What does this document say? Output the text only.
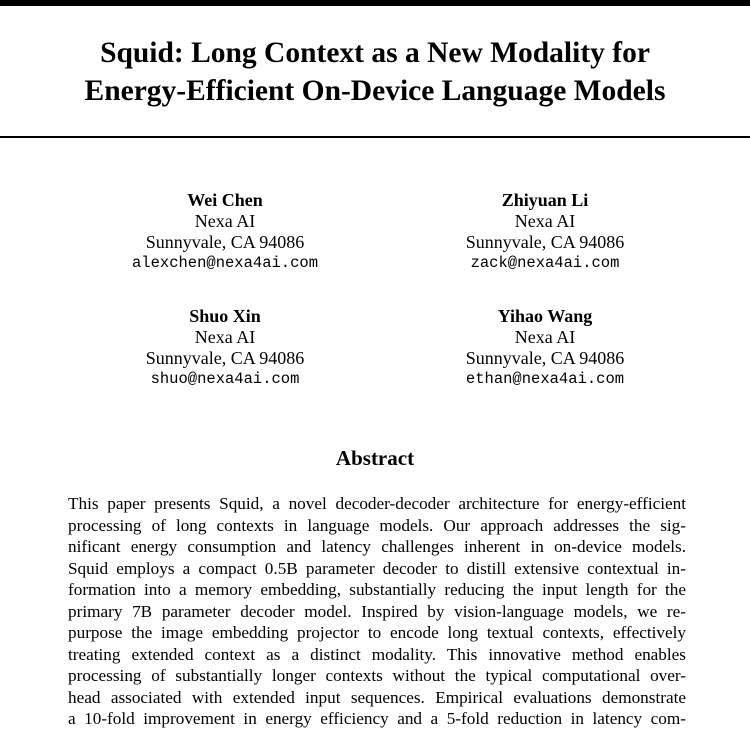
Squid: Long Context as a New Modality for
Energy-Efficient On-Device Language Models
Wei Chen
Nexa AI
Sunnyvale, CA 94086
alexchen@nexa4ai.com
Zhiyuan Li
Nexa AI
Sunnyvale, CA 94086
zack@nexa4ai.com
Shuo Xin
Nexa AI
Sunnyvale, CA 94086
shuo@nexa4ai.com
Yihao Wang
Nexa AI
Sunnyvale, CA 94086
ethan@nexa4ai.com
Abstract
This paper presents Squid, a novel decoder-decoder architecture for energy-efficient
processing of long contexts in language models. Our approach addresses the sig-
nificant energy consumption and latency challenges inherent in on-device models.
Squid employs a compact 0.5B parameter decoder to distill extensive contextual in-
formation into a memory embedding, substantially reducing the input length for the
primary 7B parameter decoder model. Inspired by vision-language models, we re-
purpose the image embedding projector to encode long textual contexts, effectively
treating extended context as a distinct modality. This innovative method enables
processing of substantially longer contexts without the typical computational over-
head associated with extended input sequences. Empirical evaluations demonstrate
a 10-fold improvement in energy efficiency and a 5-fold reduction in latency com-
